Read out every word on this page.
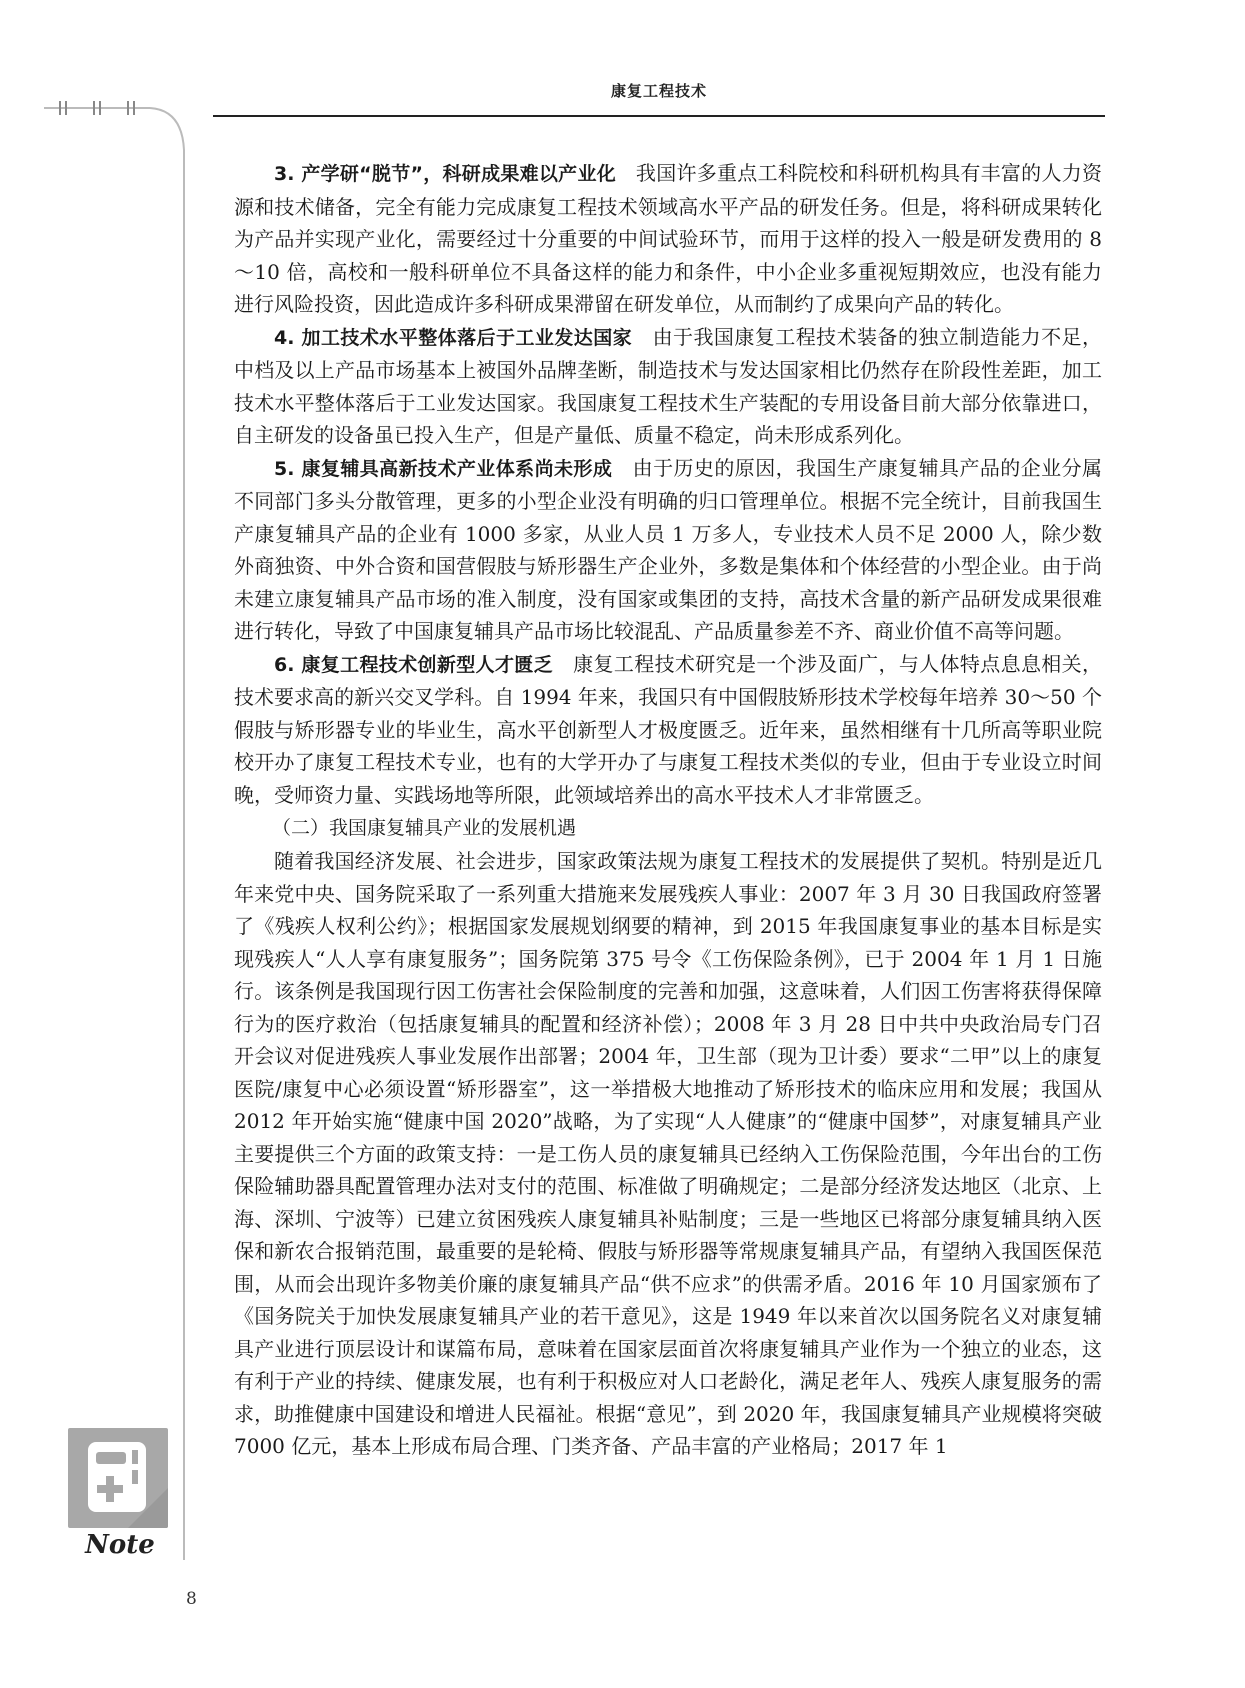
康复工程技术

3. 产学研“脱节”，科研成果难以产业化 我国许多重点工科院校和科研机构具有丰富的人力资源和技术储备，完全有能力完成康复工程技术领域高水平产品的研发任务。但是，将科研成果转化为产品并实现产业化，需要经过十分重要的中间试验环节，而用于这样的投入一般是研发费用的 8～10 倍，高校和一般科研单位不具备这样的能力和条件，中小企业多重视短期效应，也没有能力进行风险投资，因此造成许多科研成果滞留在研发单位，从而制约了成果向产品的转化。

4. 加工技术水平整体落后于工业发达国家 由于我国康复工程技术装备的独立制造能力不足，中档及以上产品市场基本上被国外品牌垄断，制造技术与发达国家相比仍然存在阶段性差距，加工技术水平整体落后于工业发达国家。我国康复工程技术生产装配的专用设备目前大部分依靠进口，自主研发的设备虽已投入生产，但是产量低、质量不稳定，尚未形成系列化。

5. 康复辅具高新技术产业体系尚未形成 由于历史的原因，我国生产康复辅具产品的企业分属不同部门多头分散管理，更多的小型企业没有明确的归口管理单位。根据不完全统计，目前我国生产康复辅具产品的企业有 1000 多家，从业人员 1 万多人，专业技术人员不足 2000 人，除少数外商独资、中外合资和国营假肢与矫形器生产企业外，多数是集体和个体经营的小型企业。由于尚未建立康复辅具产品市场的准入制度，没有国家或集团的支持，高技术含量的新产品研发成果很难进行转化，导致了中国康复辅具产品市场比较混乱、产品质量参差不齐、商业价值不高等问题。

6. 康复工程技术创新型人才匮乏 康复工程技术研究是一个涉及面广，与人体特点息息相关，技术要求高的新兴交叉学科。自 1994 年来，我国只有中国假肢矫形技术学校每年培养 30～50 个假肢与矫形器专业的毕业生，高水平创新型人才极度匮乏。近年来，虽然相继有十几所高等职业院校开办了康复工程技术专业，也有的大学开办了与康复工程技术类似的专业，但由于专业设立时间晚，受师资力量、实践场地等所限，此领域培养出的高水平技术人才非常匮乏。

（二）我国康复辅具产业的发展机遇

随着我国经济发展、社会进步，国家政策法规为康复工程技术的发展提供了契机。特别是近几年来党中央、国务院采取了一系列重大措施来发展残疾人事业：2007 年 3 月 30 日我国政府签署了《残疾人权利公约》；根据国家发展规划纲要的精神，到 2015 年我国康复事业的基本目标是实现残疾人“人人享有康复服务”；国务院第 375 号令《工伤保险条例》，已于 2004 年 1 月 1 日施行。该条例是我国现行因工伤害社会保险制度的完善和加强，这意味着，人们因工伤害将获得保障行为的医疗救治（包括康复辅具的配置和经济补偿）；2008 年 3 月 28 日中共中央政治局专门召开会议对促进残疾人事业发展作出部署；2004 年，卫生部（现为卫计委）要求“二甲”以上的康复医院/康复中心必须设置“矫形器室”，这一举措极大地推动了矫形技术的临床应用和发展；我国从 2012 年开始实施“健康中国 2020”战略，为了实现“人人健康”的“健康中国梦”，对康复辅具产业主要提供三个方面的政策支持：一是工伤人员的康复辅具已经纳入工伤保险范围，今年出台的工伤保险辅助器具配置管理办法对支付的范围、标准做了明确规定；二是部分经济发达地区（北京、上海、深圳、宁波等）已建立贫困残疾人康复辅具补贴制度；三是一些地区已将部分康复辅具纳入医保和新农合报销范围，最重要的是轮椅、假肢与矫形器等常规康复辅具产品，有望纳入我国医保范围，从而会出现许多物美价廉的康复辅具产品“供不应求”的供需矛盾。2016 年 10 月国家颁布了《国务院关于加快发展康复辅具产业的若干意见》，这是 1949 年以来首次以国务院名义对康复辅具产业进行顶层设计和谋篇布局，意味着在国家层面首次将康复辅具产业作为一个独立的业态，这有利于产业的持续、健康发展，也有利于积极应对人口老龄化，满足老年人、残疾人康复服务的需求，助推健康中国建设和增进人民福祉。根据“意见”，到 2020 年，我国康复辅具产业规模将突破 7000 亿元，基本上形成布局合理、门类齐备、产品丰富的产业格局；2017 年 1

Note
8
